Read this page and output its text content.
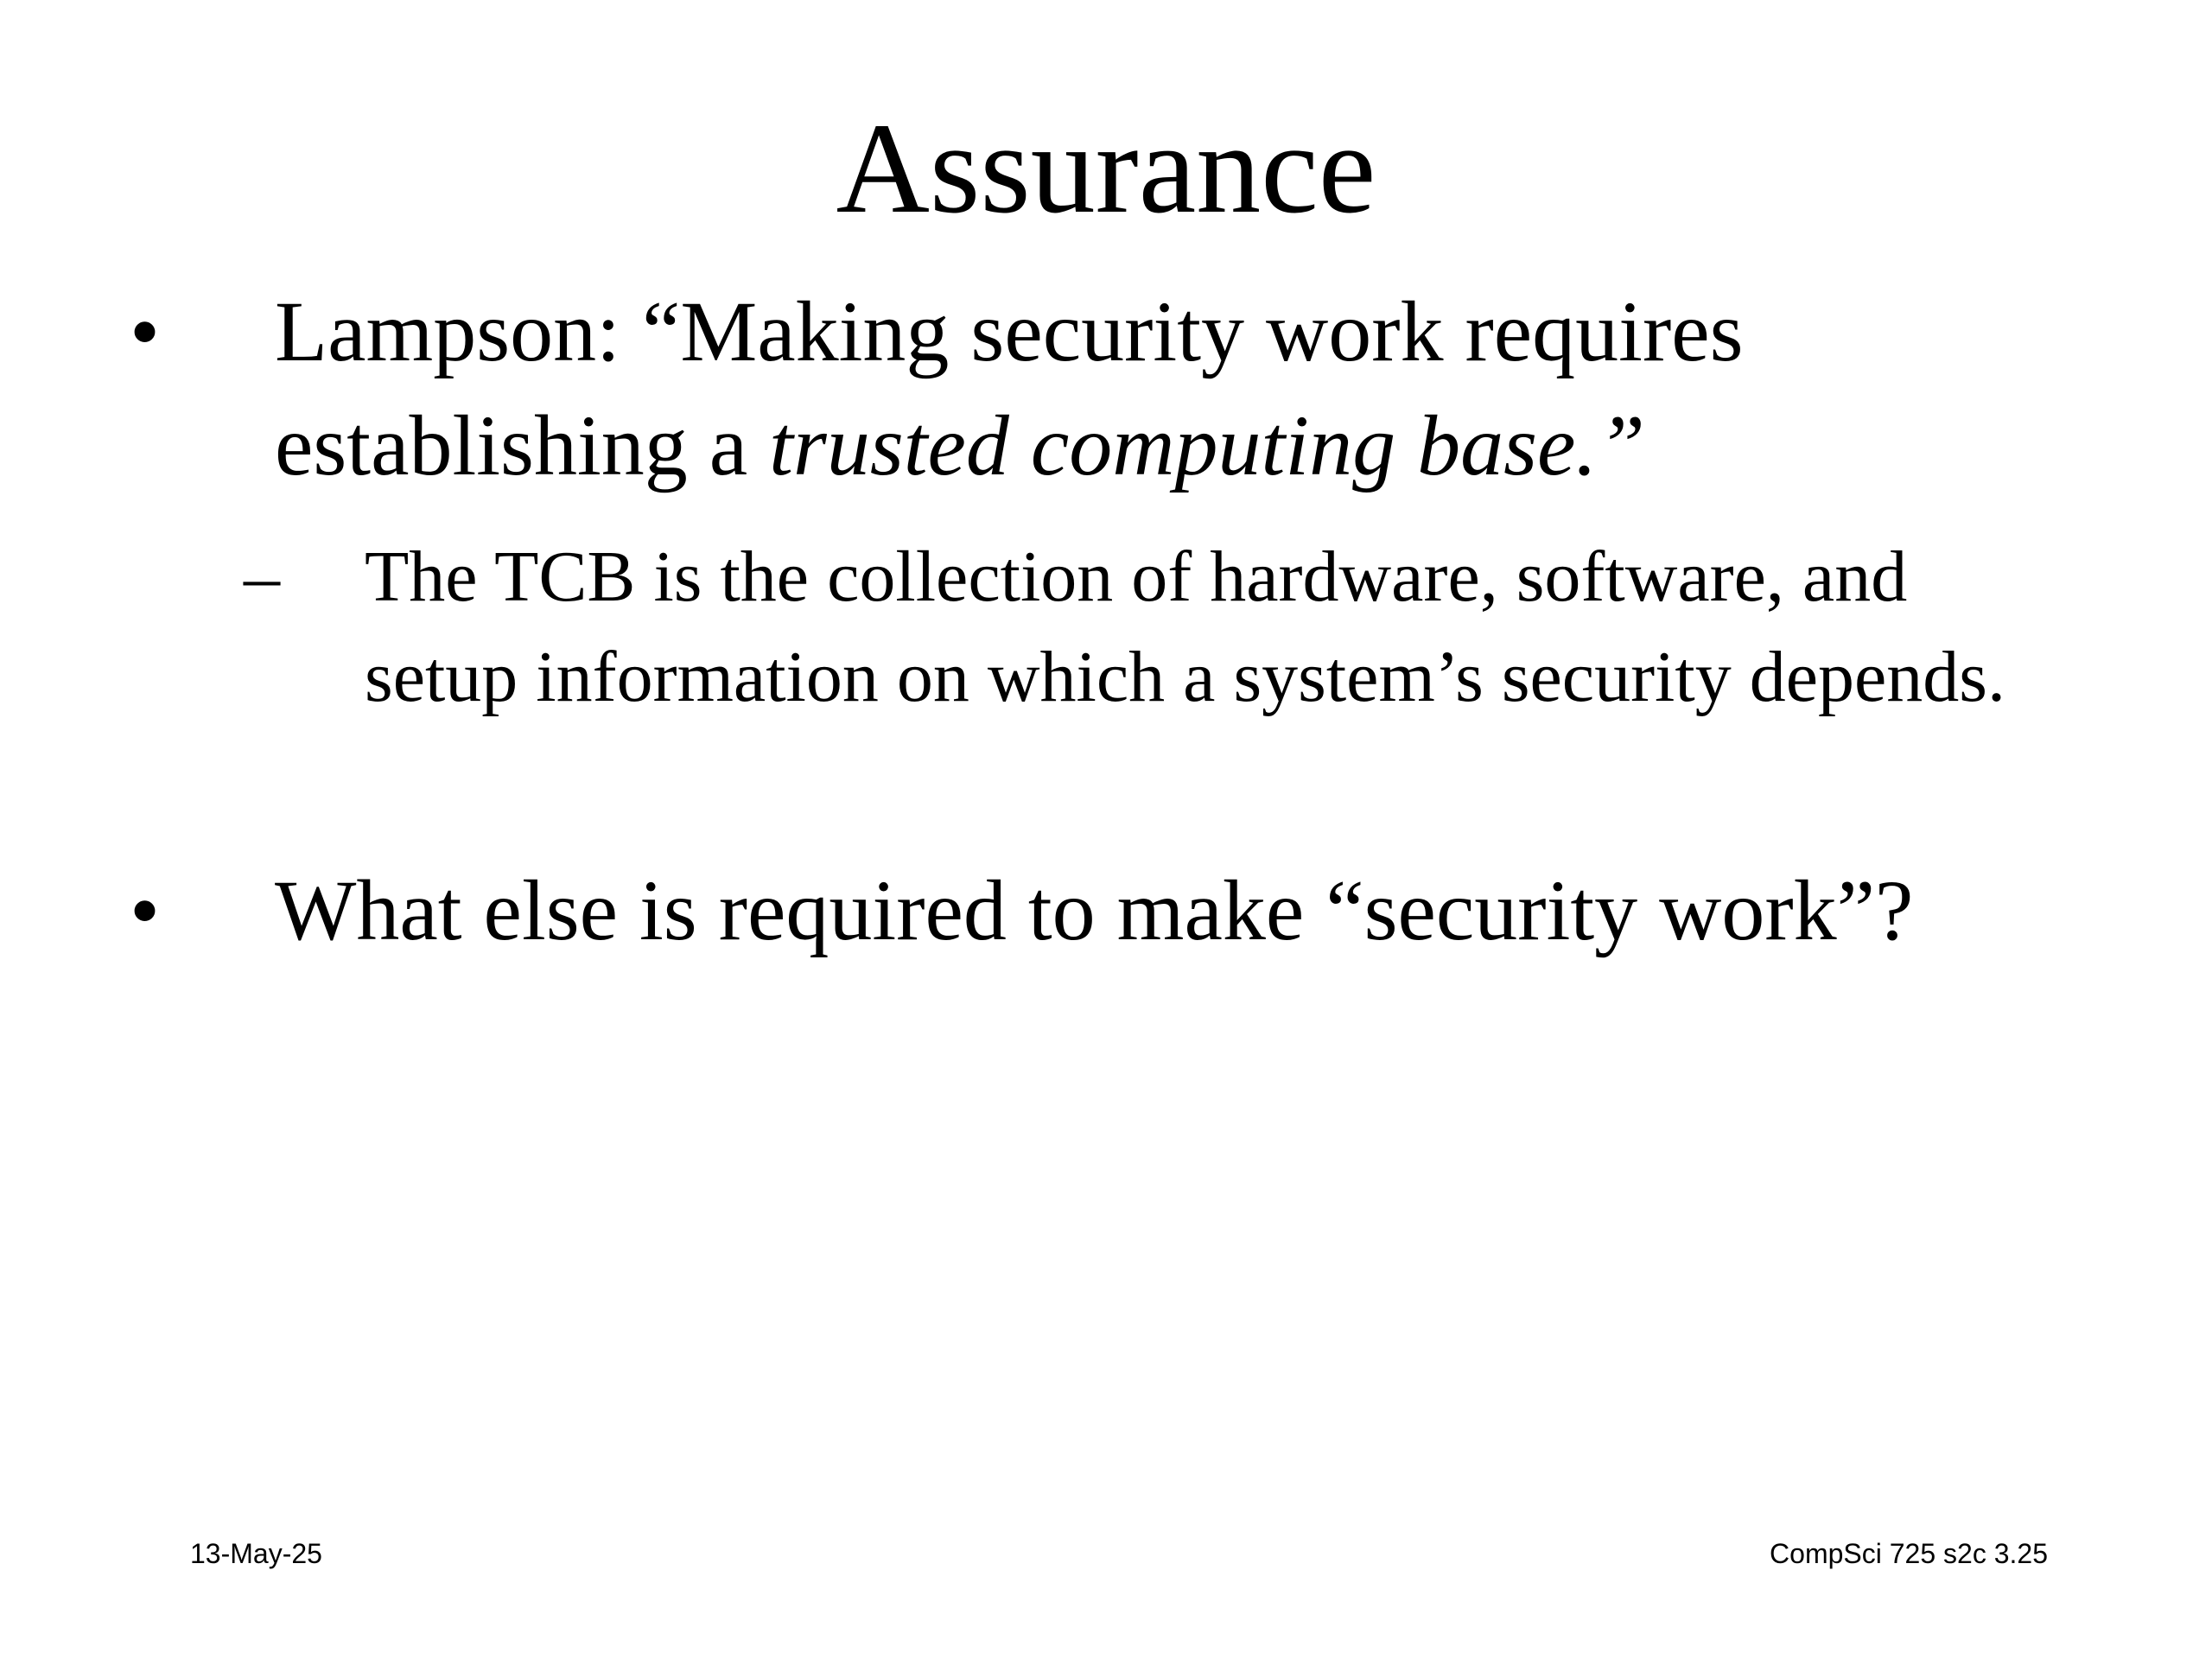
Assurance
• Lampson: “Making security work requires establishing a trusted computing base.”
– The TCB is the collection of hardware, software, and setup information on which a system’s security depends.
• What else is required to make “security work”?
13-May-25	CompSci 725 s2c 3.25
